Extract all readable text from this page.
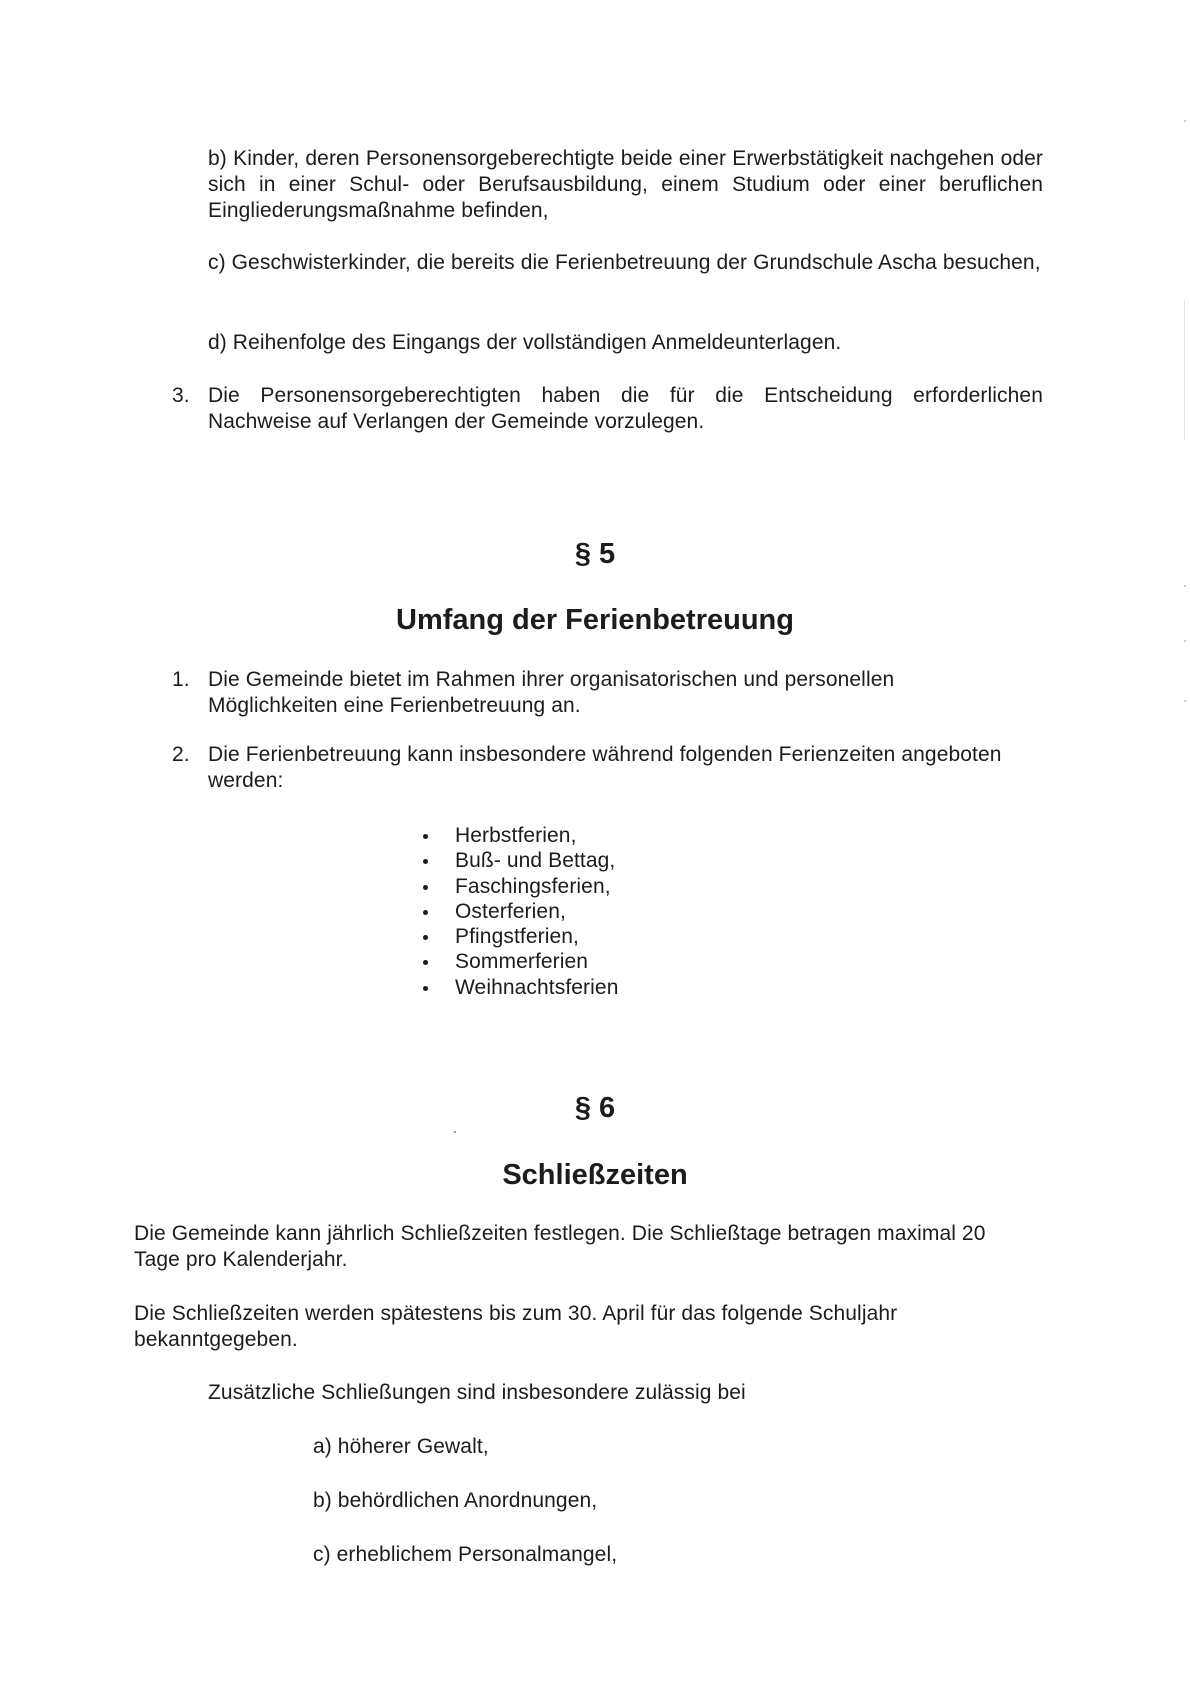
b) Kinder, deren Personensorgeberechtigte beide einer Erwerbstätigkeit nachgehen oder sich in einer Schul- oder Berufsausbildung, einem Studium oder einer beruflichen Eingliederungsmaßnahme befinden,
c) Geschwisterkinder, die bereits die Ferienbetreuung der Grundschule Ascha besuchen,
d) Reihenfolge des Eingangs der vollständigen Anmeldeunterlagen.
3. Die Personensorgeberechtigten haben die für die Entscheidung erforderlichen Nachweise auf Verlangen der Gemeinde vorzulegen.
§ 5
Umfang der Ferienbetreuung
1. Die Gemeinde bietet im Rahmen ihrer organisatorischen und personellen Möglichkeiten eine Ferienbetreuung an.
2. Die Ferienbetreuung kann insbesondere während folgenden Ferienzeiten angeboten werden:
Herbstferien,
Buß- und Bettag,
Faschingsferien,
Osterferien,
Pfingstferien,
Sommerferien
Weihnachtsferien
§ 6
Schließzeiten
Die Gemeinde kann jährlich Schließzeiten festlegen. Die Schließtage betragen maximal 20 Tage pro Kalenderjahr.
Die Schließzeiten werden spätestens bis zum 30. April für das folgende Schuljahr bekanntgegeben.
Zusätzliche Schließungen sind insbesondere zulässig bei
a) höherer Gewalt,
b) behördlichen Anordnungen,
c) erheblichem Personalmangel,
